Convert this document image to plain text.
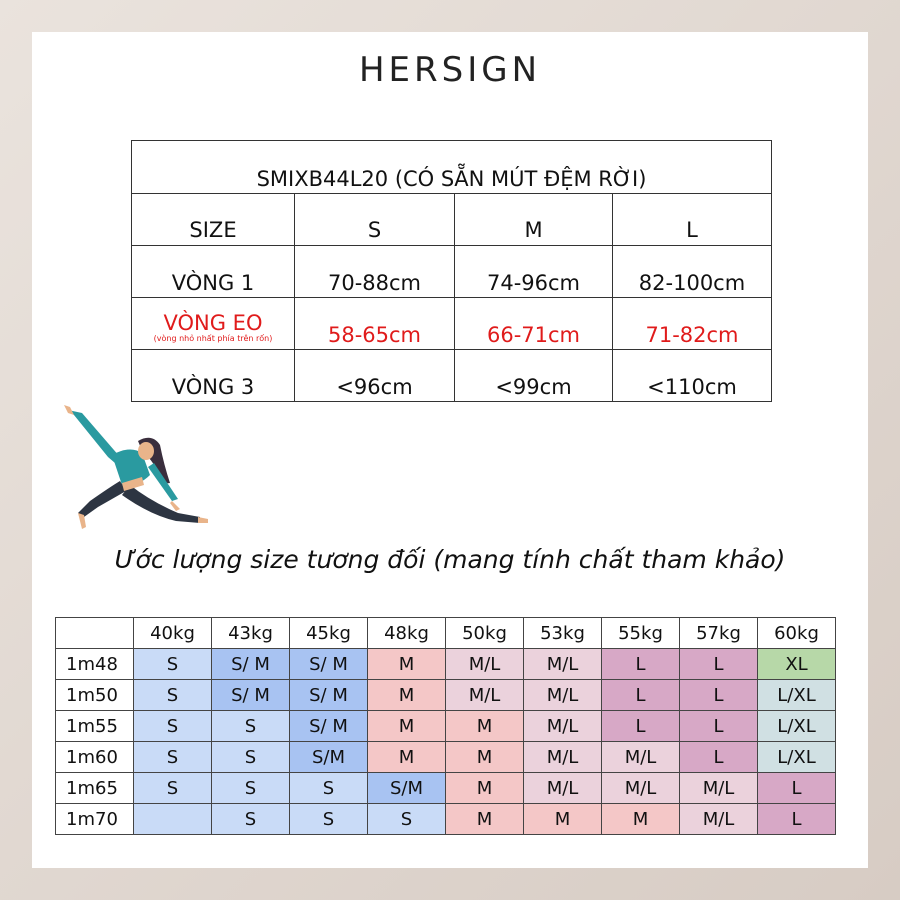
HERSIGN
SMIXB44L20 (CÓ SẴN MÚT ĐỆM RỜI)			
SIZE	S	M	L
VÒNG 1	70-88cm	74-96cm	82-100cm

VÒNG EO
(vòng nhỏ nhất phía trên rốn)	58-65cm	66-71cm	71-82cm
VÒNG 3	<96cm	<99cm	<110cm
Ước lượng size tương đối (mang tính chất tham khảo)
	40kg	43kg	45kg	48kg	50kg	53kg	55kg	57kg	60kg
1m48	S	S/ M	S/ M	M	M/L	M/L	L	L	XL
1m50	S	S/ M	S/ M	M	M/L	M/L	L	L	L/XL
1m55	S	S	S/ M	M	M	M/L	L	L	L/XL
1m60	S	S	S/M	M	M	M/L	M/L	L	L/XL
1m65	S	S	S	S/M	M	M/L	M/L	M/L	L
1m70		S	S	S	M	M	M	M/L	L
